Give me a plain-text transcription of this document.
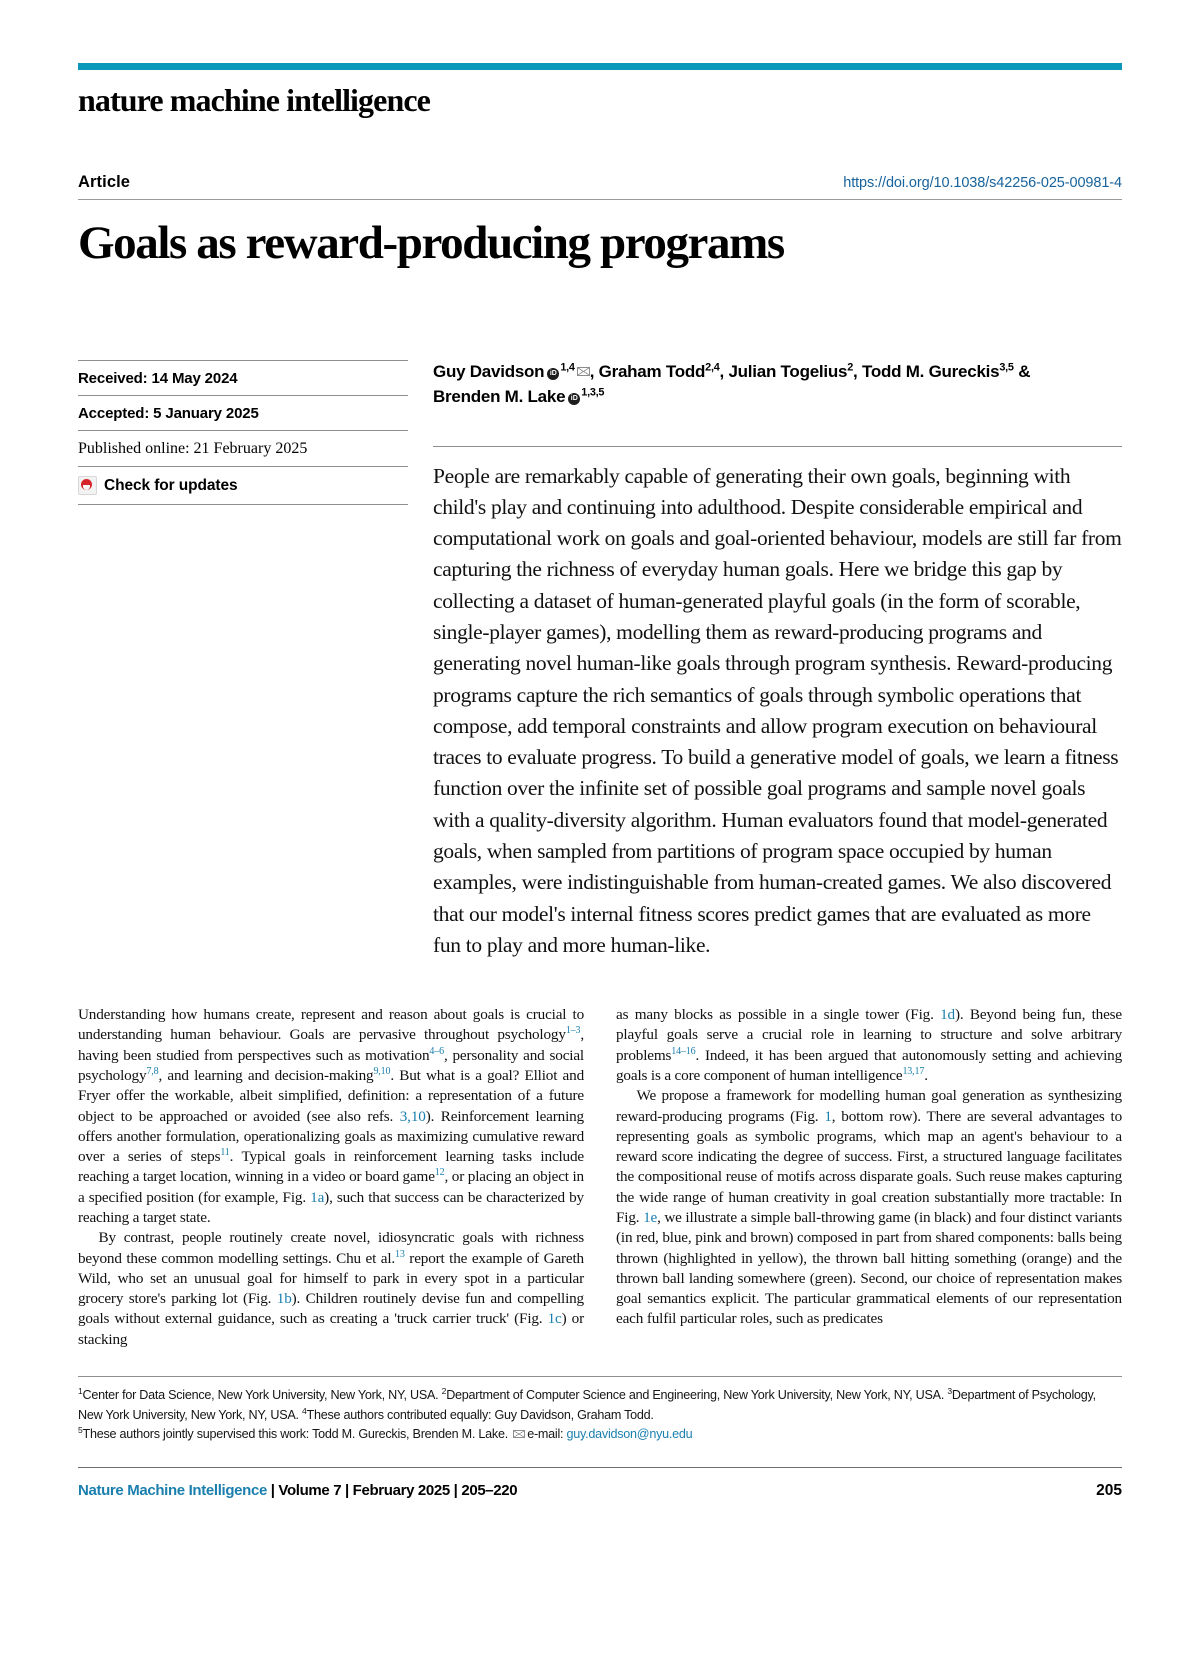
nature machine intelligence
Article	https://doi.org/10.1038/s42256-025-00981-4
Goals as reward-producing programs
Received: 14 May 2024
Accepted: 5 January 2025
Published online: 21 February 2025
Check for updates
Guy Davidson iD$^{1,4}$ , Graham Todd$^{2,4}$, Julian Togelius$^2$, Todd M. Gureckis$^{3,5}$ &
Brenden M. Lake iD$^{1,3,5}$
People are remarkably capable of generating their own goals, beginning with child's play and continuing into adulthood. Despite considerable empirical and computational work on goals and goal-oriented behaviour, models are still far from capturing the richness of everyday human goals. Here we bridge this gap by collecting a dataset of human-generated playful goals (in the form of scorable, single-player games), modelling them as reward-producing programs and generating novel human-like goals through program synthesis. Reward-producing programs capture the rich semantics of goals through symbolic operations that compose, add temporal constraints and allow program execution on behavioural traces to evaluate progress. To build a generative model of goals, we learn a fitness function over the infinite set of possible goal programs and sample novel goals with a quality-diversity algorithm. Human evaluators found that model-generated goals, when sampled from partitions of program space occupied by human examples, were indistinguishable from human-created games. We also discovered that our model's internal fitness scores predict games that are evaluated as more fun to play and more human-like.

Understanding how humans create, represent and reason about goals is crucial to understanding human behaviour. Goals are pervasive throughout psychology$^{1-3}$, having been studied from perspectives such as motivation$^{4-6}$, personality and social psychology$^{7,8}$, and learning and decision-making$^{9,10}$. But what is a goal? Elliot and Fryer offer the workable, albeit simplified, definition: a representation of a future object to be approached or avoided (see also refs. 3,10). Reinforcement learning offers another formulation, operationalizing goals as maximizing cumulative reward over a series of steps$^{11}$. Typical goals in reinforcement learning tasks include reaching a target location, winning in a video or board game$^{12}$, or placing an object in a specified position (for example, Fig. 1a), such that success can be characterized by reaching a target state.

By contrast, people routinely create novel, idiosyncratic goals with richness beyond these common modelling settings. Chu et al.$^{13}$ report the example of Gareth Wild, who set an unusual goal for himself to park in every spot in a particular grocery store's parking lot (Fig. 1b). Children routinely devise fun and compelling goals without external guidance, such as creating a 'truck carrier truck' (Fig. 1c) or stacking

as many blocks as possible in a single tower (Fig. 1d). Beyond being fun, these playful goals serve a crucial role in learning to structure and solve arbitrary problems$^{14-16}$. Indeed, it has been argued that autonomously setting and achieving goals is a core component of human intelligence$^{13,17}$.

We propose a framework for modelling human goal generation as synthesizing reward-producing programs (Fig. 1, bottom row). There are several advantages to representing goals as symbolic programs, which map an agent's behaviour to a reward score indicating the degree of success. First, a structured language facilitates the compositional reuse of motifs across disparate goals. Such reuse makes capturing the wide range of human creativity in goal creation substantially more tractable: In Fig. 1e, we illustrate a simple ball-throwing game (in black) and four distinct variants (in red, blue, pink and brown) composed in part from shared components: balls being thrown (highlighted in yellow), the thrown ball hitting something (orange) and the thrown ball landing somewhere (green). Second, our choice of representation makes goal semantics explicit. The particular grammatical elements of our representation each fulfil particular roles, such as predicates

$^1$Center for Data Science, New York University, New York, NY, USA. $^2$Department of Computer Science and Engineering, New York University, New York, NY, USA. $^3$Department of Psychology, New York University, New York, NY, USA. $^4$These authors contributed equally: Guy Davidson, Graham Todd.
$^5$These authors jointly supervised this work: Todd M. Gureckis, Brenden M. Lake. e-mail: guy.davidson@nyu.edu
Nature Machine Intelligence | Volume 7 | February 2025 | 205–220	205
